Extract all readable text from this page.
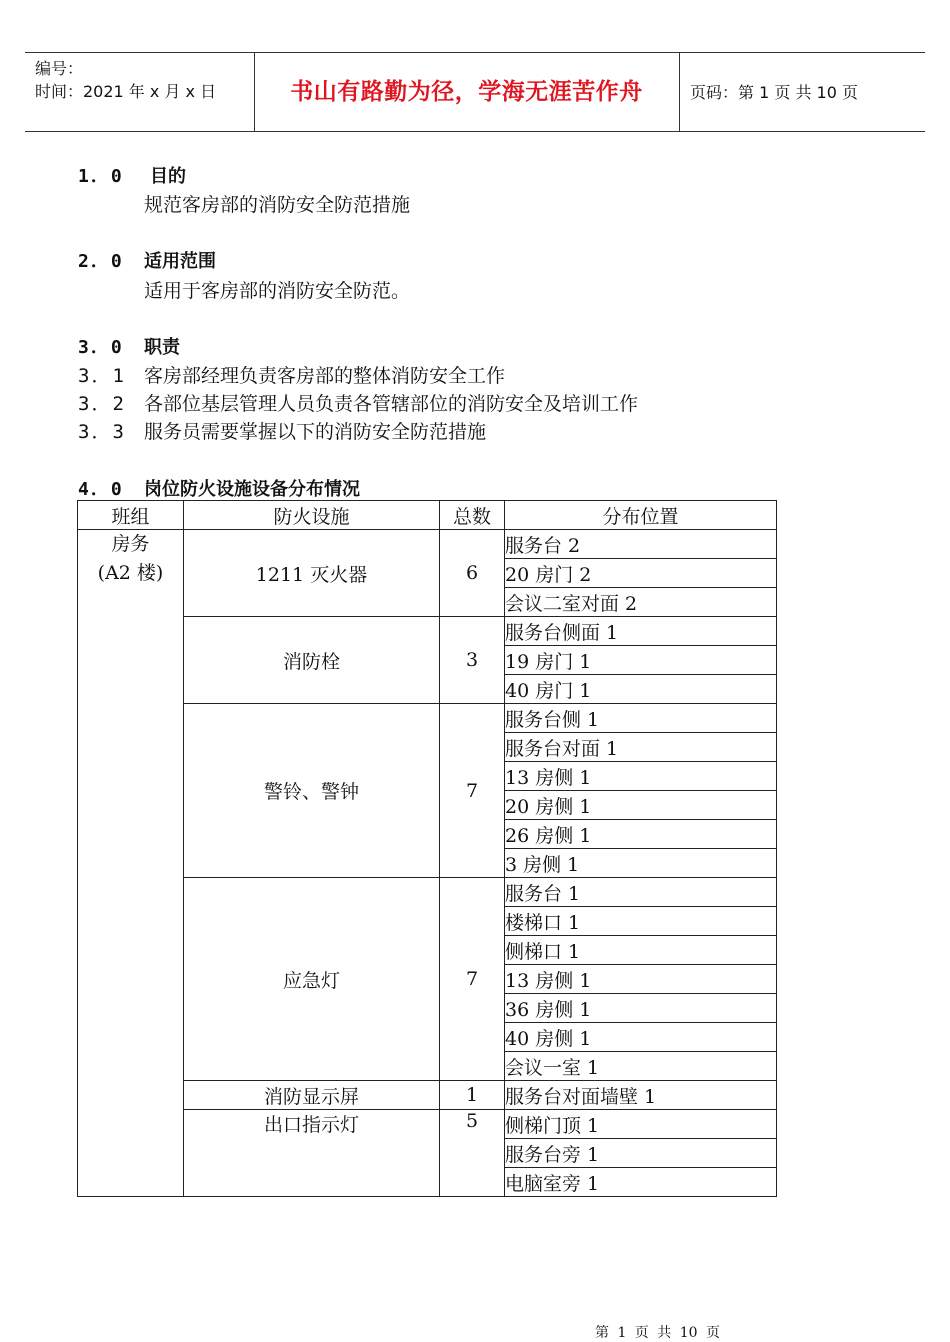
编号：
时间：2021 年 x 月 x 日	书山有路勤为径，学海无涯苦作舟	页码：第 1 页 共 10 页
1．0 目的
规范客房部的消防安全防范措施
2．0 适用范围
适用于客房部的消防安全防范。
3．0 职责
3．1 客房部经理负责客房部的整体消防安全工作
3．2 各部位基层管理人员负责各管辖部位的消防安全及培训工作
3．3 服务员需要掌握以下的消防安全防范措施
4．0 岗位防火设施设备分布情况
班组	防火设施	总数	分布位置

房务
(A2 楼)	1211 灭火器	6	服务台 2
			20 房门 2
			会议二室对面 2
	消防栓	3	服务台侧面 1
			19 房门 1
			40 房门 1
	警铃、警钟	7	服务台侧 1
			服务台对面 1
			13 房侧 1
			20 房侧 1
			26 房侧 1
			3 房侧 1
	应急灯	7	服务台 1
			楼梯口 1
			侧梯口 1
			13 房侧 1
			36 房侧 1
			40 房侧 1
			会议一室 1
	消防显示屏	1	服务台对面墙壁 1
	出口指示灯	5	侧梯门顶 1
			服务台旁 1
			电脑室旁 1
第 1 页 共 10 页
